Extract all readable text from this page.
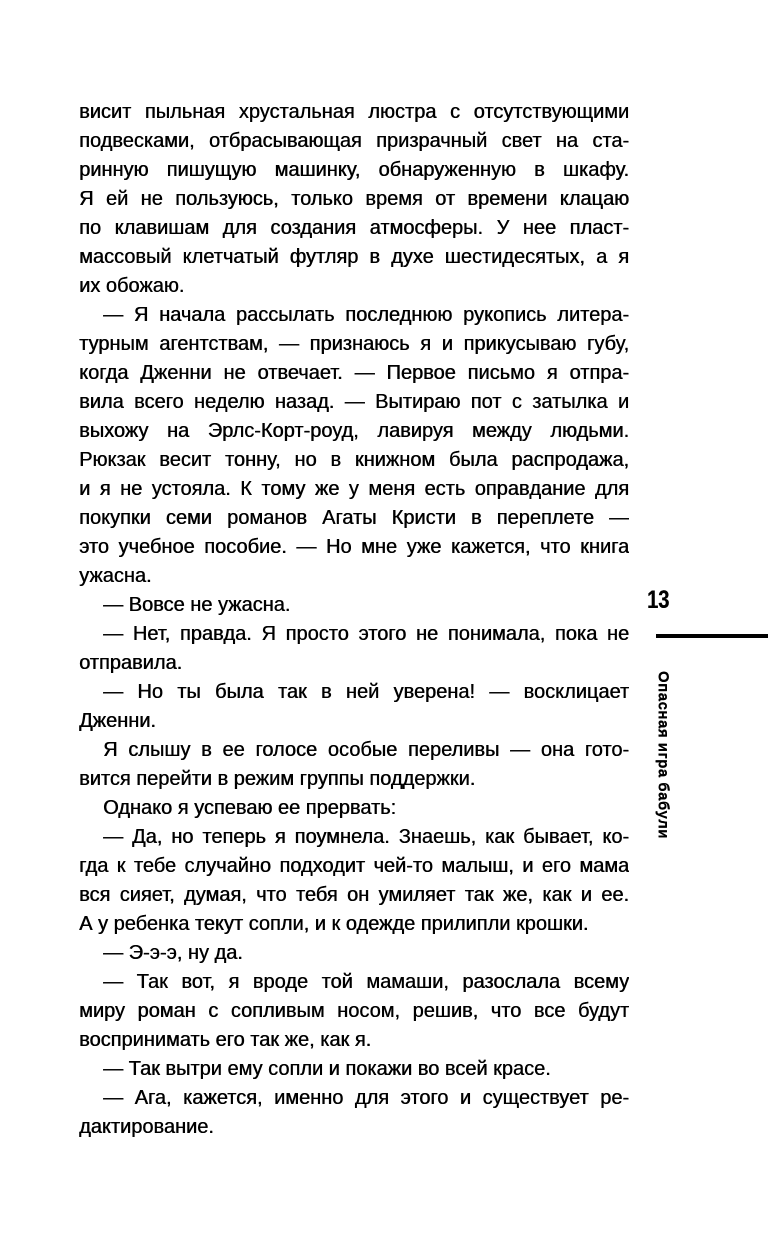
висит пыльная хрустальная люстра с отсутствующими
подвесками, отбрасывающая призрачный свет на ста-
ринную пишущую машинку, обнаруженную в шкафу.
Я ей не пользуюсь, только время от времени клацаю
по клавишам для создания атмосферы. У нее пласт-
массовый клетчатый футляр в духе шестидесятых, а я
их обожаю.
— Я начала рассылать последнюю рукопись литера-
турным агентствам, — признаюсь я и прикусываю губу,
когда Дженни не отвечает. — Первое письмо я отпра-
вила всего неделю назад. — Вытираю пот с затылка и
выхожу на Эрлс-Корт-роуд, лавируя между людьми.
Рюкзак весит тонну, но в книжном была распродажа,
и я не устояла. К тому же у меня есть оправдание для
покупки семи романов Агаты Кристи в переплете —
это учебное пособие. — Но мне уже кажется, что книга
ужасна.
— Вовсе не ужасна.
— Нет, правда. Я просто этого не понимала, пока не
отправила.
— Но ты была так в ней уверена! — восклицает
Дженни.
Я слышу в ее голосе особые переливы — она гото-
вится перейти в режим группы поддержки.
Однако я успеваю ее прервать:
— Да, но теперь я поумнела. Знаешь, как бывает, ко-
гда к тебе случайно подходит чей-то малыш, и его мама
вся сияет, думая, что тебя он умиляет так же, как и ее.
А у ребенка текут сопли, и к одежде прилипли крошки.
— Э-э-э, ну да.
— Так вот, я вроде той мамаши, разослала всему
миру роман с сопливым носом, решив, что все будут
воспринимать его так же, как я.
— Так вытри ему сопли и покажи во всей красе.
— Ага, кажется, именно для этого и существует ре-
дактирование.
13
Опасная игра бабули
